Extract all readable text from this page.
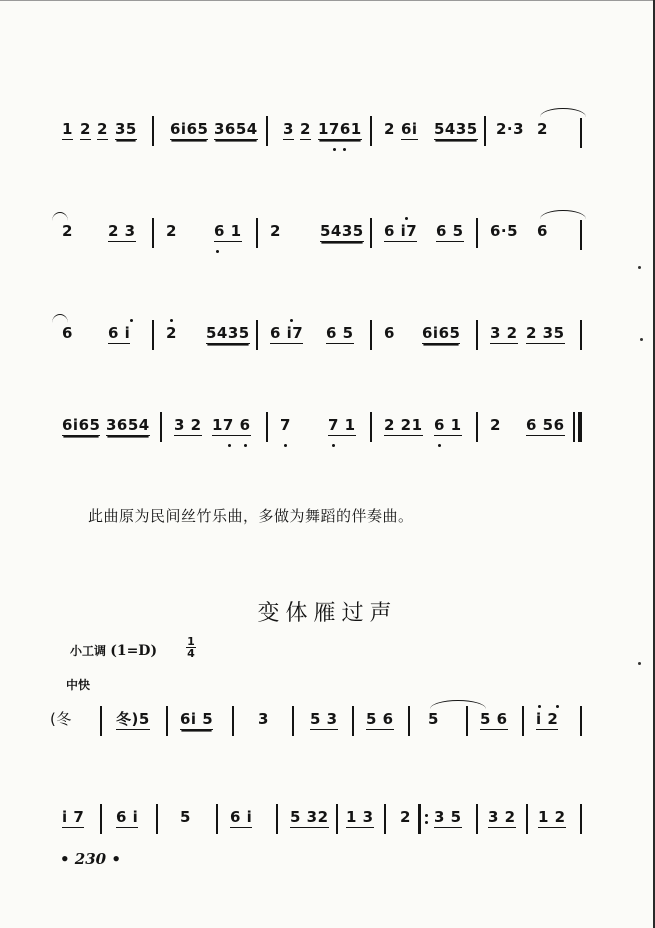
1 2 2 35 6i65 3654 3 2 1761 2 6i 5435 2·3 2
2 2 3 2 6 1 2	5435 6 i7 6 5 6·5 6
6 6 i 2 5435 6 i7 6 5 6 6i65 3 2 2 35
6i65 3654 3 2 17 6 7 7 1 2 21 6 1 2 6 56
此曲原为民间丝竹乐曲，多做为舞蹈的伴奏曲。
变体雁过声
小工调 (1=D)	$\frac{1}{4}$
中快
(冬	冬)5 6i 5	3	5 3 5 6 5	5 6 i 2
i 7 6 i	5	6 i	5 32 1 3 2 3 5 3 2 1 2
• 230 •
